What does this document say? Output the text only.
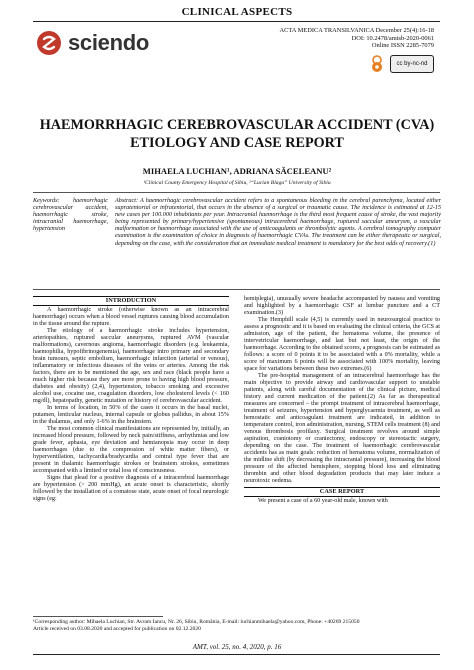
CLINICAL ASPECTS
sciendo	ACTA MEDICA TRANSILVANICA December 25(4):16-18
DOI: 10.2478/amtsb-2020-0061
Online ISSN 2285-7079
cc by-nc-nd
HAEMORRHAGIC CEREBROVASCULAR ACCIDENT (CVA)
ETIOLOGY AND CASE REPORT
MIHAELA LUCHIAN¹, ADRIANA SĂCELEANU²
¹Clinical County Emergency Hospital of Sibiu, ²“Lucian Blaga” University of Sibiu
Keywords: haemorrhagic cerebrovascular accident, haemorrhagic stroke, intracranial haemorrhage, hypertension
Abstract: A haemorrhagic cerebrovascular accident refers to a spontaneous bleeding in the cerebral parenchyma, located either supratentorial or infratentorial, that occurs in the absence of a surgical or traumatic cause. The incidence is estimated at 12-15 new cases per 100.000 inhabitants per year. Intracranial haemorrhage is the third most frequent cause of stroke, the vast majority being represented by primary/hypertensive (spontaneous) intracerebral haemorrhage, ruptured saccular aneurysm, a vascular malformation or haemorrhage associated with the use of anticoagulants or thrombolytic agents. A cerebral tomography computer examination is the examination of choice in diagnosis of haemorrhagic CVAs. The treatment can be either therapeutic or surgical, depending on the case, with the consideration that an immediate medical treatment is mandatory for the best odds of recovery.(1)
INTRODUCTION

A haemorrhagic stroke (otherwise known as an intracerebral haemorrhage) occurs when a blood vessel ruptures causing blood accumulation in the tissue around the rupture.

The etiology of a haemorrhagic stroke includes hypertension, arteriopathies, ruptured saccular aneurysms, ruptured AVM (vascular malformations), cavernous angioma, haemorrhagic disorders (e.g. leukaemia, haemophilia, hypofibrinogenemia), haemorrhage intro primary and secondary brain tumours, septic embolism, haemorrhagic infarction (arterial or venous), inflammatory or infectious diseases of the veins or arteries. Among the risk factors, there are to be mentioned the age, sex and race (black people have a much higher risk because they are more prone to having high blood pressure, diabetes and obesity) (2,4), hypertension, tobacco smoking and excessive alcohol use, cocaine use, coagulation disorders, low cholesterol levels (< 160 mg/dl), hepatopathy, genetic mutation or history of cerebrovascular accident.

In terms of location, in 50% of the cases it occurs in the basal nuclei, putamen, lenticular nucleus, internal capsule or globus pallidus, in about 15% in the thalamus, and only 1-6% in the brainstem.

The most common clinical manifestations are represented by, initially, an increased blood pressure, followed by neck pain/stiffness, arrhythmias and low grade fever, aphasia, eye deviation and hemianopsia may occur in deep haemorrhages (due to the compression of white matter fibers), or hyperventilation, tachycardia/bradycardia and central type fever that are present in thalamic haemorrhagic strokes or brainstem strokes, sometimes accompanied with a limited or total loss of consciousness.

Signs that plead for a positive diagnosis of a intracerebral haemorrhage are hypertension (> 200 mmHg), an acute onset is characteristic, shortly followed by the installation of a comatose state, acute onset of focal neurologic signs (eg:

hemiplegia), unusually severe headache accompanied by nausea and vomiting and highlighted by a haemorrhagic CSF at lumbar puncture and a CT examination.(3)

The Hemphill scale (4,5) is currently used in neurosurgical practice to assess a prognostic and it is based on evaluating the clinical criteria, the GCS at admission, age of the patient, the hematoma volume, the presence of intervetricular haemorrhage, and last but not least, the origin of the haemorrhage. According to the obtained scores, a prognosis can be estimated as follows: a score of 0 points it to be associated with a 0% mortality, while a score of maximum 6 points will be associated with 100% mortality, leaving space for variations between these two extremes.(6)

The pre-hospital management of an intracerebral haemorrhage has the main objective to provide airway and cardiovascular support to unstable patients, along with careful documentation of the clinical picture, medical history and current medication of the patient.(2) As far as therapeutical measures are concerned – the prompt treatment of intracerebral haemorrhage, treatment of seizures, hypertension and hyperglycaemia treatment, as well as hemostatic and anticoagulant treatment are indicated, in addition to temperature control, iron administration, nursing, STEM cells treatment (8) and venous thrombosis profilaxy. Surgical treatment revolves around simple aspiration, craniotomy or craniectomy, endoscopy or stereotactic surgery, depending on the case. The treatment of haemorrhagic cerebrovascular accidents has as main goals: reduction of hematoma volume, normalization of the midline shift (by decreasing the intracranial pressure), increasing the blood pressure of the affected hemisphere, stopping blood loss and eliminating thrombin and other blood degradation products that may later induce a neurotoxic oedema.

CASE REPORT

We present a case of a 60 year-old male, known with

¹Corresponding author: Mihaela Luchian, Str. Avram Iancu, Nr. 26, Sibiu, România, E-mail: luchianmihaela@yahoo.com, Phone: +40269 215050
Article received on 03.08.2020 and accepted for publication on 02.12.2020
AMT, vol. 25, no. 4, 2020, p. 16
